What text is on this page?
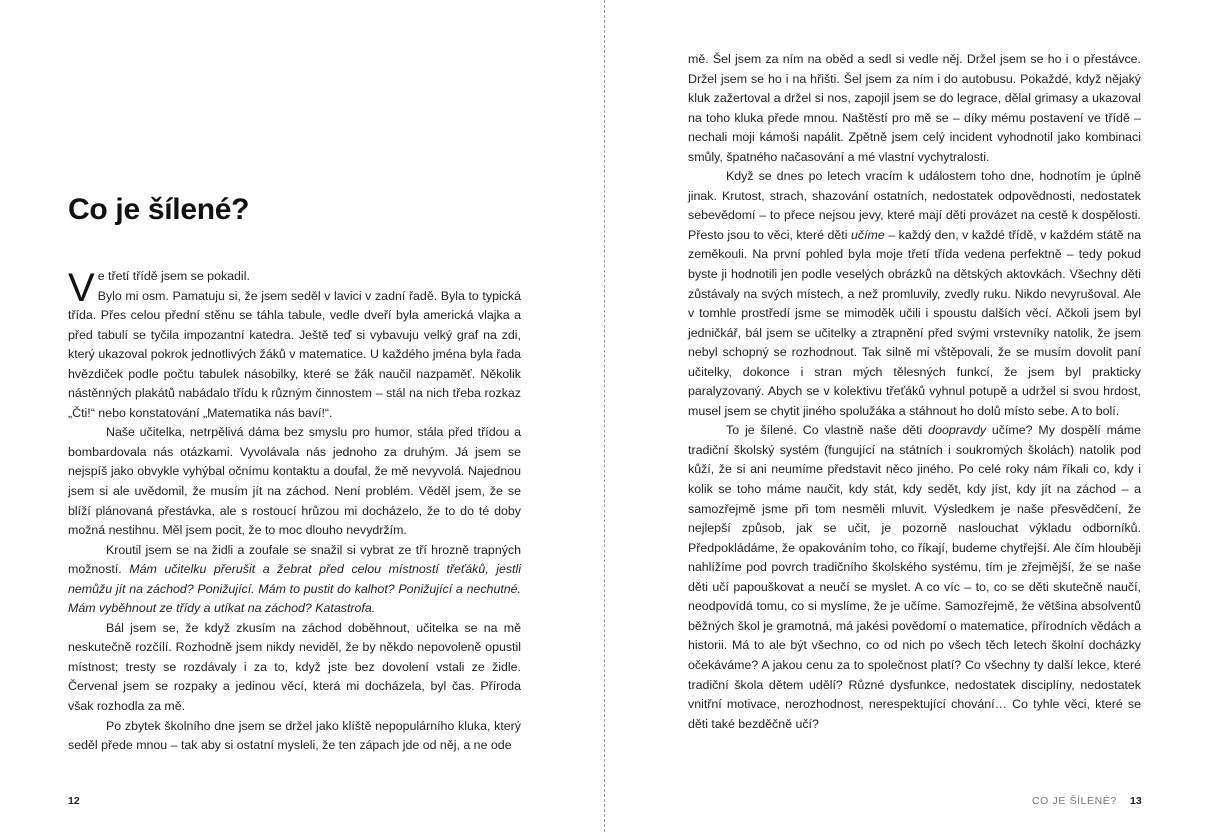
Co je šílené?

Ve třetí třídě jsem se pokadil.
Bylo mi osm. Pamatuju si, že jsem seděl v lavici v zadní řadě. Byla to typická třída. Přes celou přední stěnu se táhla tabule, vedle dveří byla americká vlajka a před tabulí se tyčila impozantní katedra. Ještě teď si vybavuju velký graf na zdi, který ukazoval pokrok jednotlivých žáků v matematice. U každého jména byla řada hvězdiček podle počtu tabulek násobilky, které se žák naučil nazpaměť. Několik nástěnných plakátů nabádalo třídu k různým činnostem – stál na nich třeba rozkaz „Čti!“ nebo konstatování „Matematika nás baví!“.

Naše učitelka, netrpělivá dáma bez smyslu pro humor, stála před třídou a bombardovala nás otázkami. Vyvolávala nás jednoho za druhým. Já jsem se nejspíš jako obvykle vyhýbal očnímu kontaktu a doufal, že mě nevyvolá. Najednou jsem si ale uvědomil, že musím jít na záchod. Není problém. Věděl jsem, že se blíží plánovaná přestávka, ale s rostoucí hrůzou mi docházelo, že to do té doby možná nestihnu. Měl jsem pocit, že to moc dlouho nevydržím.

Kroutil jsem se na židli a zoufale se snažil si vybrat ze tří hrozně trapných možností. Mám učitelku přerušit a žebrat před celou místností třeťáků, jestli nemůžu jít na záchod? Ponižující. Mám to pustit do kalhot? Ponižující a nechutné. Mám vyběhnout ze třídy a utíkat na záchod? Katastrofa.

Bál jsem se, že když zkusím na záchod doběhnout, učitelka se na mě neskutečně rozčílí. Rozhodně jsem nikdy neviděl, že by někdo nepovoleně opustil místnost; tresty se rozdávaly i za to, když jste bez dovolení vstali ze židle. Červenal jsem se rozpaky a jedinou věcí, která mi docházela, byl čas. Příroda však rozhodla za mě.

Po zbytek školního dne jsem se držel jako klíště nepopulárního kluka, který seděl přede mnou – tak aby si ostatní mysleli, že ten zápach jde od něj, a ne ode

12

mě. Šel jsem za ním na oběd a sedl si vedle něj. Držel jsem se ho i o přestávce. Držel jsem se ho i na hřišti. Šel jsem za ním i do autobusu. Pokaždé, když nějaký kluk zažertoval a držel si nos, zapojil jsem se do legrace, dělal grimasy a ukazoval na toho kluka přede mnou. Naštěstí pro mě se – díky mému postavení ve třídě – nechali moji kámoši napálit. Zpětně jsem celý incident vyhodnotil jako kombinaci smůly, špatného načasování a mé vlastní vychytralosti.

Když se dnes po letech vracím k událostem toho dne, hodnotím je úplně jinak. Krutost, strach, shazování ostatních, nedostatek odpovědnosti, nedostatek sebevědomí – to přece nejsou jevy, které mají děti provázet na cestě k dospělosti. Přesto jsou to věci, které děti učíme – každý den, v každé třídě, v každém státě na zeměkouli. Na první pohled byla moje třetí třída vedena perfektně – tedy pokud byste ji hodnotili jen podle veselých obrázků na dětských aktovkách. Všechny děti zůstávaly na svých místech, a než promluvily, zvedly ruku. Nikdo nevyrušoval. Ale v tomhle prostředí jsme se mimoděk učili i spoustu dalších věcí. Ačkoli jsem byl jedničkář, bál jsem se učitelky a ztrapnění před svými vrstevníky natolik, že jsem nebyl schopný se rozhodnout. Tak silně mi vštěpovali, že se musím dovolit paní učitelky, dokonce i stran mých tělesných funkcí, že jsem byl prakticky paralyzovaný. Abych se v kolektivu třeťáků vyhnul potupě a udržel si svou hrdost, musel jsem se chytit jiného spolužáka a stáhnout ho dolů místo sebe. A to bolí.

To je šílené. Co vlastně naše děti doopravdy učíme? My dospělí máme tradiční školský systém (fungující na státních i soukromých školách) natolik pod kůží, že si ani neumíme představit něco jiného. Po celé roky nám říkali co, kdy i kolik se toho máme naučit, kdy stát, kdy sedět, kdy jíst, kdy jít na záchod – a samozřejmě jsme při tom nesměli mluvit. Výsledkem je naše přesvědčení, že nejlepší způsob, jak se učit, je pozorně naslouchat výkladu odborníků. Předpokládáme, že opakováním toho, co říkají, budeme chytřejší. Ale čím hlouběji nahlížíme pod povrch tradičního školského systému, tím je zřejmější, že se naše děti učí papouškovat a neučí se myslet. A co víc – to, co se děti skutečně naučí, neodpovídá tomu, co si myslíme, že je učíme. Samozřejmě, že většina absolventů běžných škol je gramotná, má jakési povědomí o matematice, přírodních vědách a historii. Má to ale být všechno, co od nich po všech těch letech školní docházky očekáváme? A jakou cenu za to společnost platí? Co všechny ty další lekce, které tradiční škola dětem udělí? Různé dysfunkce, nedostatek disciplíny, nedostatek vnitřní motivace, nerozhodnost, nerespektující chování… Co tyhle věci, které se děti také bezděčně učí?

CO JE ŠÍLENÉ? 13
